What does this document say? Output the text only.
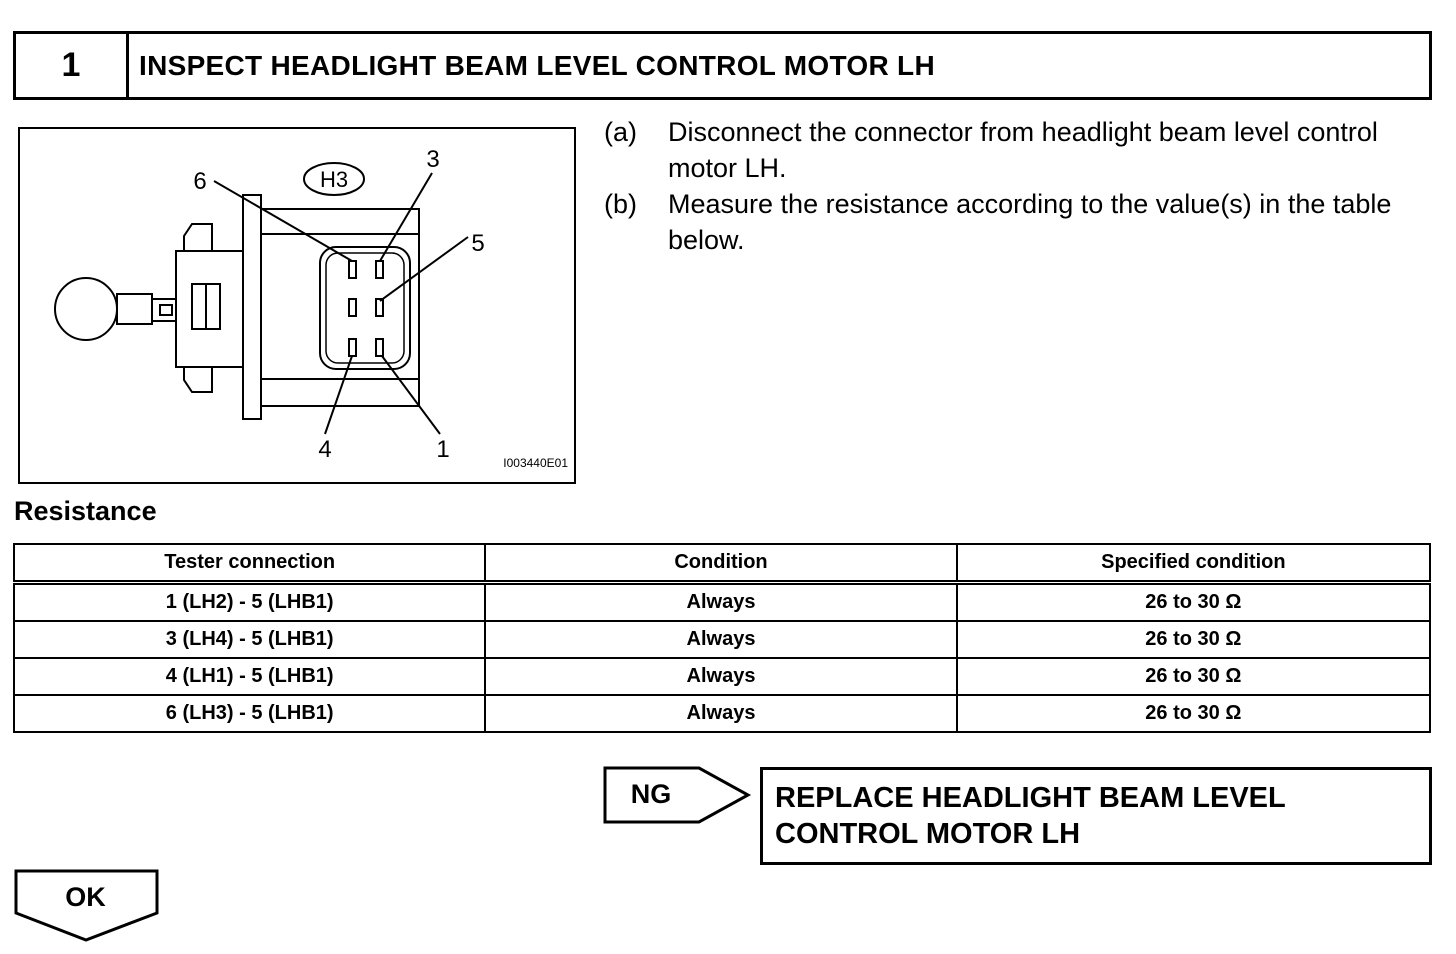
1	INSPECT HEADLIGHT BEAM LEVEL CONTROL MOTOR LH
6
3
5
4	1
H3
I003440E01
(a)	Disconnect the connector from headlight beam level control motor LH.
(b)	Measure the resistance according to the value(s) in the table below.
Resistance
Tester connection	Condition	Specified condition
1 (LH2) - 5 (LHB1)	Always	26 to 30 Ω
3 (LH4) - 5 (LHB1)	Always	26 to 30 Ω
4 (LH1) - 5 (LHB1)	Always	26 to 30 Ω
6 (LH3) - 5 (LHB1)	Always	26 to 30 Ω
NG	REPLACE HEADLIGHT BEAM LEVEL CONTROL MOTOR LH
OK
